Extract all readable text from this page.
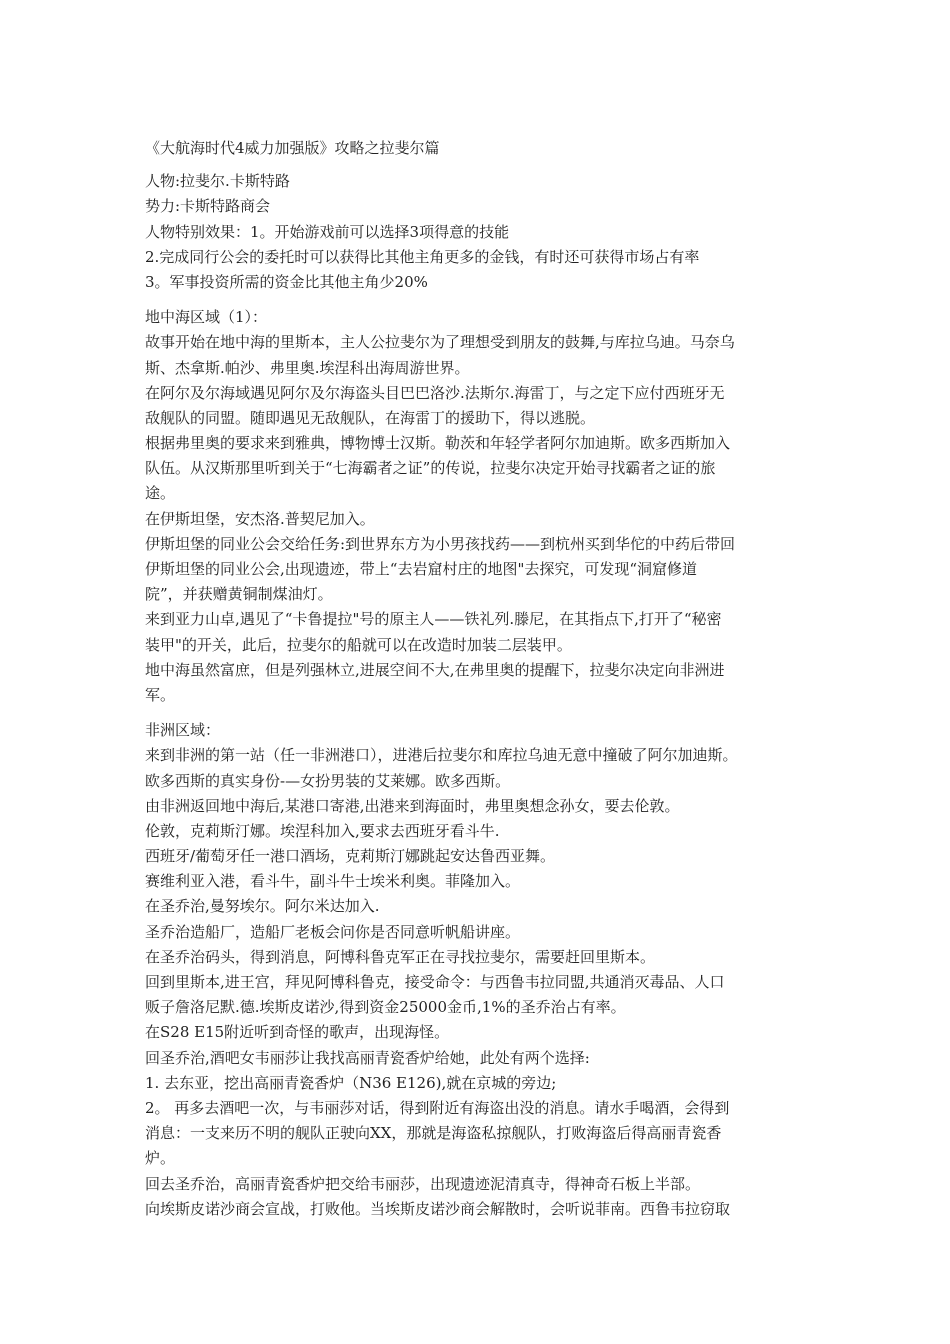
《大航海时代4威力加强版》攻略之拉斐尔篇
人物:拉斐尔.卡斯特路
势力:卡斯特路商会
人物特别效果：1。开始游戏前可以选择3项得意的技能
2.完成同行公会的委托时可以获得比其他主角更多的金钱，有时还可获得市场占有率
3。军事投资所需的资金比其他主角少20%
地中海区域（1）：
故事开始在地中海的里斯本，主人公拉斐尔为了理想受到朋友的鼓舞,与库拉乌迪。马奈乌
斯、杰拿斯.帕沙、弗里奥.埃涅科出海周游世界。
在阿尔及尔海域遇见阿尔及尔海盗头目巴巴洛沙.法斯尔.海雷丁，与之定下应付西班牙无
敌舰队的同盟。随即遇见无敌舰队，在海雷丁的援助下，得以逃脱。
根据弗里奥的要求来到雅典，博物博士汉斯。勒茨和年轻学者阿尔加迪斯。欧多西斯加入
队伍。从汉斯那里听到关于“七海霸者之证”的传说，拉斐尔决定开始寻找霸者之证的旅
途。
在伊斯坦堡，安杰洛.普契尼加入。
伊斯坦堡的同业公会交给任务:到世界东方为小男孩找药——到杭州买到华佗的中药后带回
伊斯坦堡的同业公会,出现遗迹，带上“去岩窟村庄的地图"去探究，可发现“洞窟修道
院”，并获赠黄铜制煤油灯。
来到亚力山卓,遇见了“卡鲁提拉"号的原主人——铁礼列.滕尼，在其指点下,打开了“秘密
装甲"的开关，此后，拉斐尔的船就可以在改造时加装二层装甲。
地中海虽然富庶，但是列强林立,进展空间不大,在弗里奥的提醒下，拉斐尔决定向非洲进
军。
非洲区域：
来到非洲的第一站（任一非洲港口），进港后拉斐尔和库拉乌迪无意中撞破了阿尔加迪斯。
欧多西斯的真实身份-—女扮男装的艾莱娜。欧多西斯。
由非洲返回地中海后,某港口寄港,出港来到海面时，弗里奥想念孙女，要去伦敦。
伦敦，克莉斯汀娜。埃涅科加入,要求去西班牙看斗牛.
西班牙/葡萄牙任一港口酒场，克莉斯汀娜跳起安达鲁西亚舞。
赛维利亚入港，看斗牛，副斗牛士埃米利奥。菲隆加入。
在圣乔治,曼努埃尔。阿尔米达加入.
圣乔治造船厂，造船厂老板会问你是否同意听帆船讲座。
在圣乔治码头，得到消息，阿博科鲁克军正在寻找拉斐尔，需要赶回里斯本。
回到里斯本,进王宫，拜见阿博科鲁克，接受命令：与西鲁韦拉同盟,共通消灭毒品、人口
贩子詹洛尼默.德.埃斯皮诺沙,得到资金25000金币,1%的圣乔治占有率。
在S28 E15附近听到奇怪的歌声，出现海怪。
回圣乔治,酒吧女韦丽莎让我找高丽青瓷香炉给她，此处有两个选择:
1. 去东亚，挖出高丽青瓷香炉（N36 E126),就在京城的旁边;
2。 再多去酒吧一次，与韦丽莎对话，得到附近有海盗出没的消息。请水手喝酒，会得到
消息：一支来历不明的舰队正驶向XX，那就是海盗私掠舰队，打败海盗后得高丽青瓷香
炉。
回去圣乔治，高丽青瓷香炉把交给韦丽莎，出现遗迹泥清真寺，得神奇石板上半部。
向埃斯皮诺沙商会宣战，打败他。当埃斯皮诺沙商会解散时，会听说菲南。西鲁韦拉窃取
